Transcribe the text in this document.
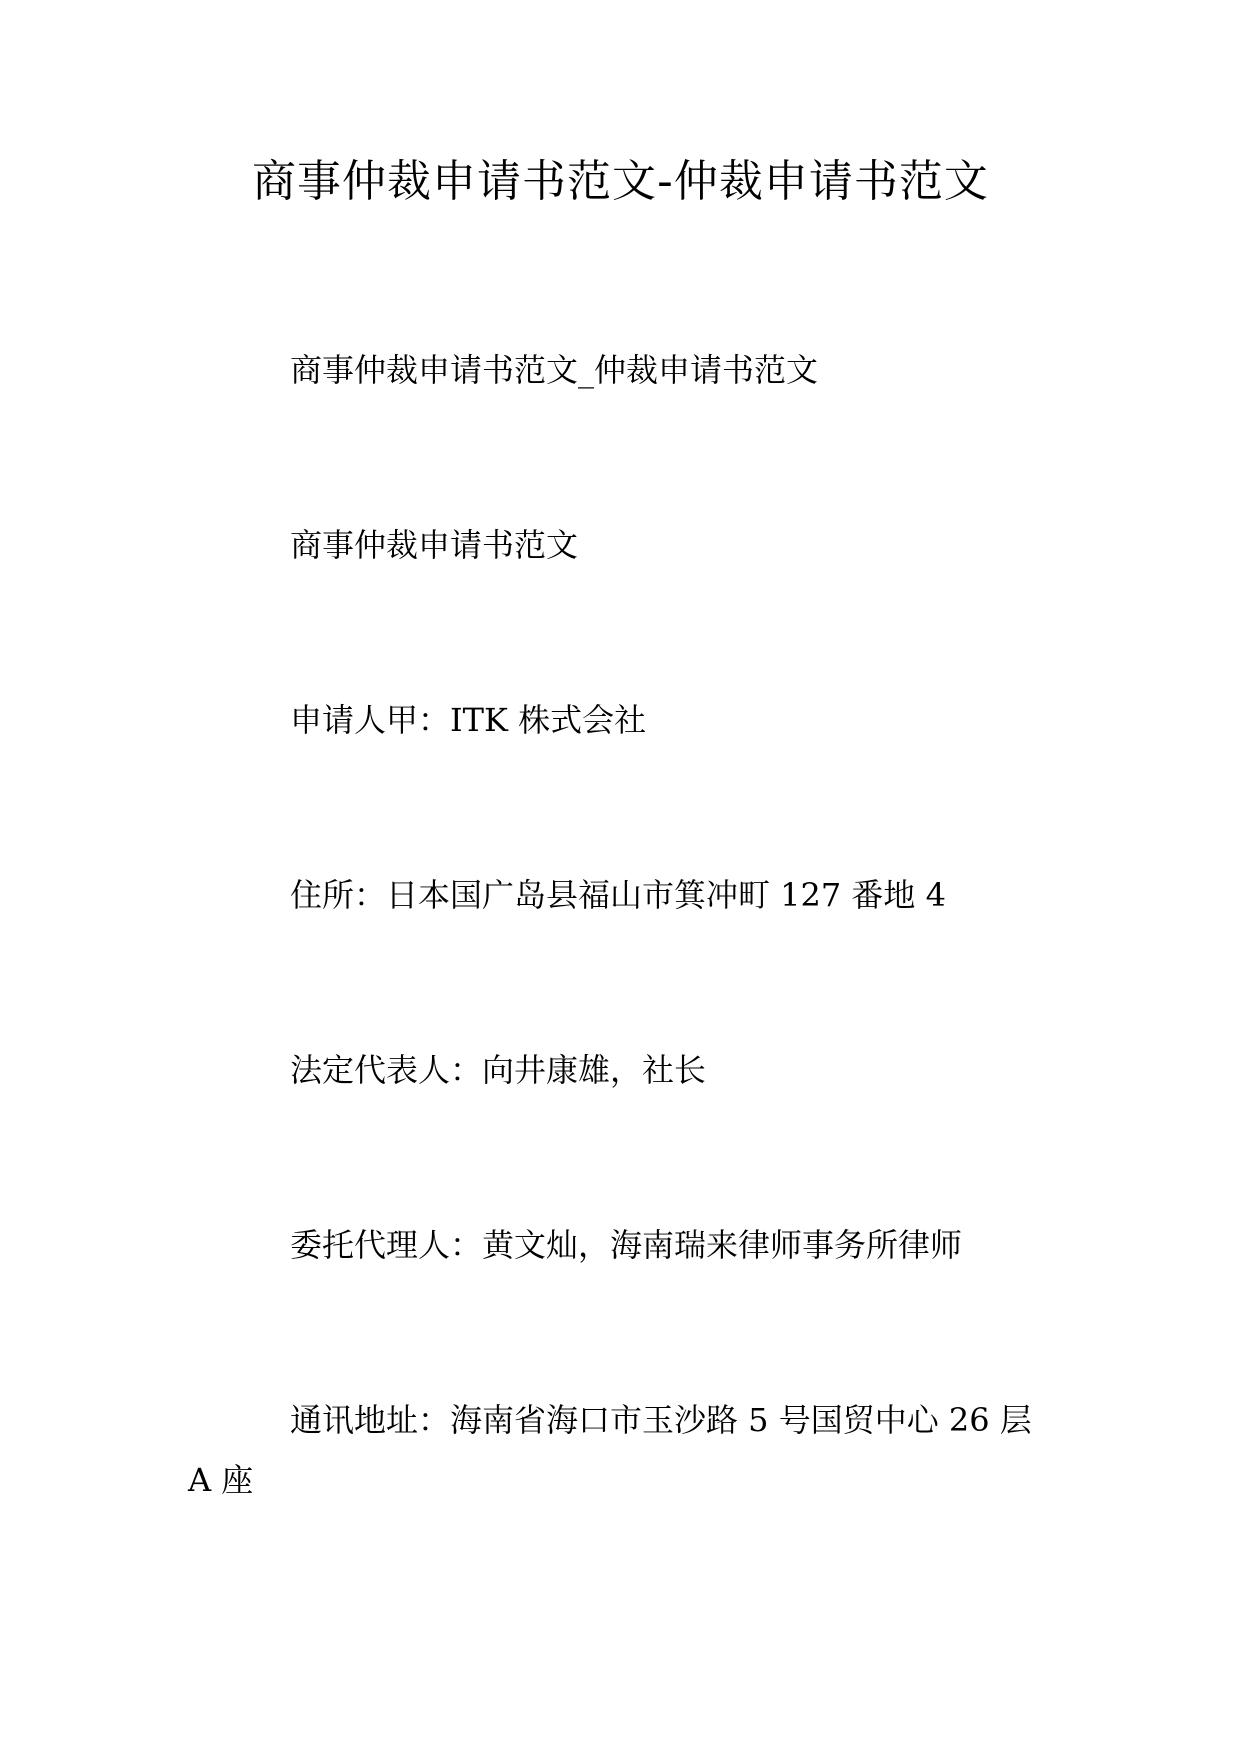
商事仲裁申请书范文-仲裁申请书范文

商事仲裁申请书范文_仲裁申请书范文

商事仲裁申请书范文

申请人甲：ITK 株式会社

住所：日本国广岛县福山市箕冲町 127 番地 4

法定代表人：向井康雄，社长

委托代理人：黄文灿，海南瑞来律师事务所律师

通讯地址：海南省海口市玉沙路 5 号国贸中心 26 层 A 座
